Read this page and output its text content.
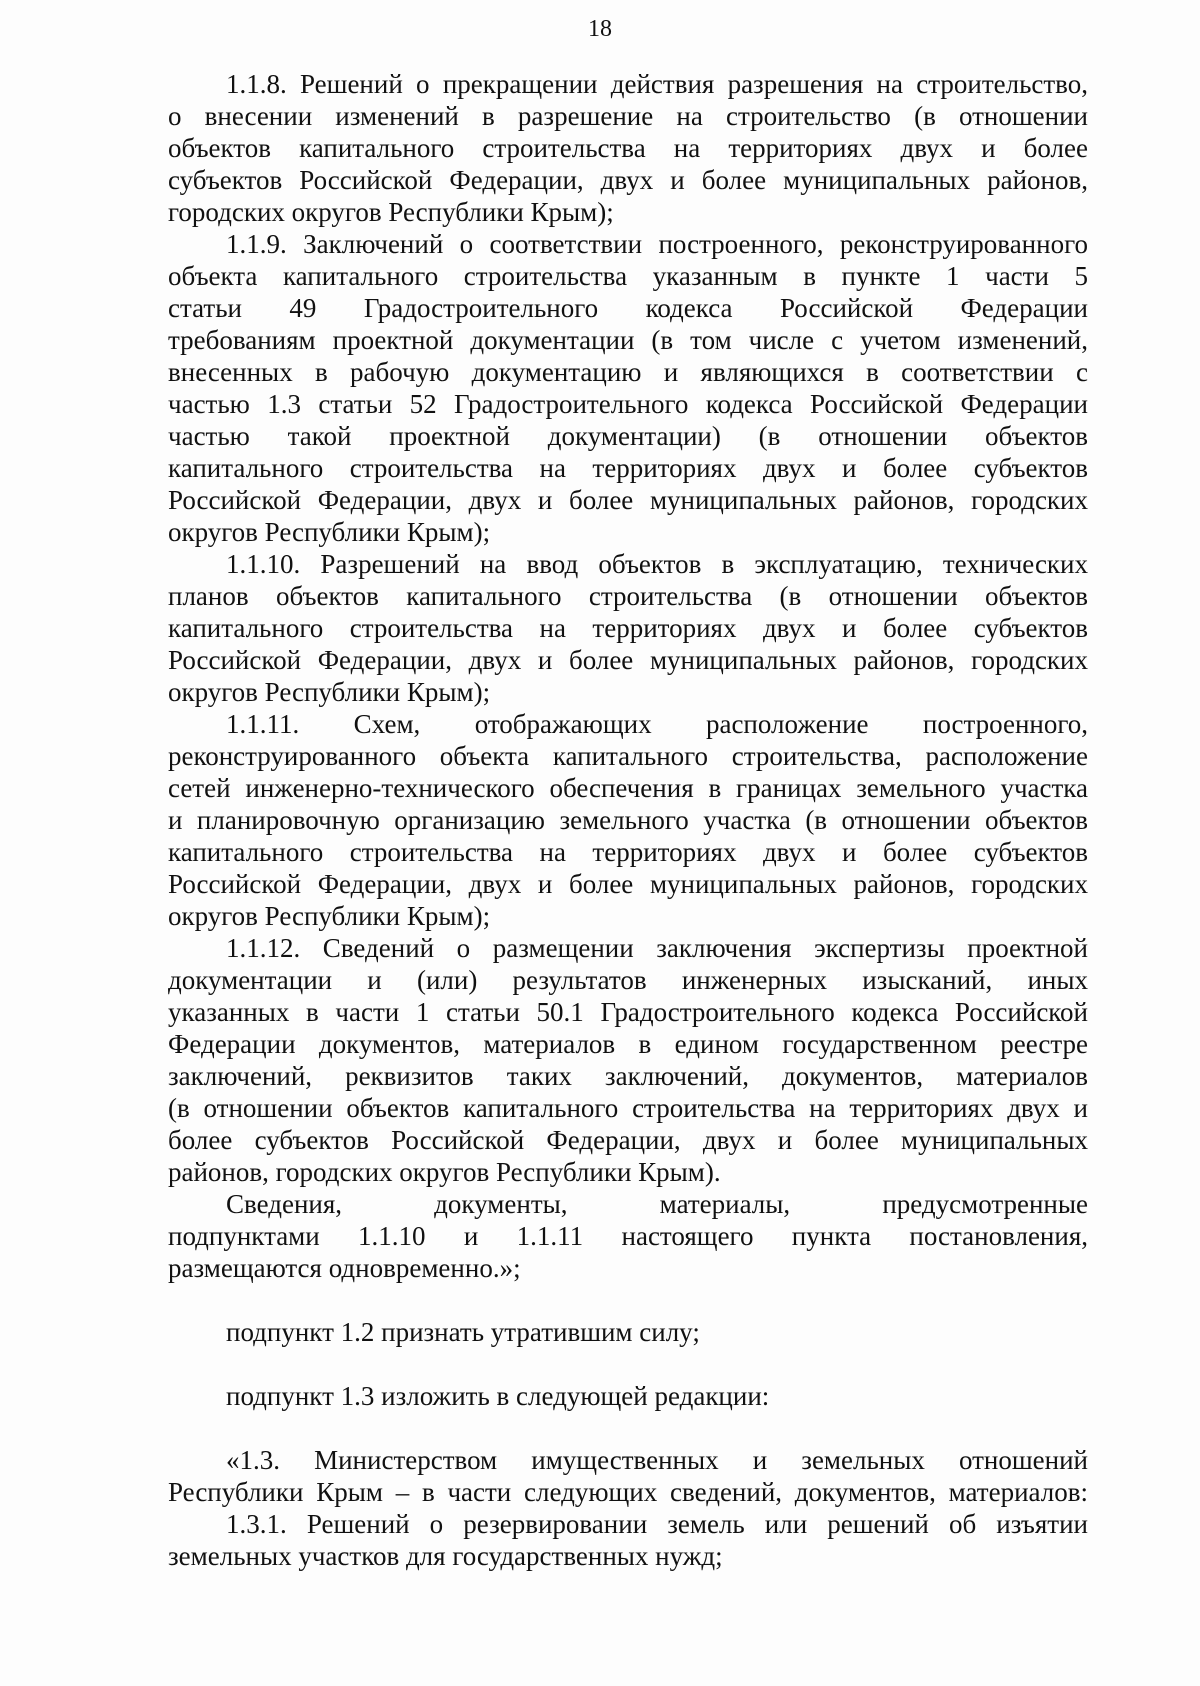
18
1.1.8. Решений о прекращении действия разрешения на строительство,
о внесении изменений в разрешение на строительство (в отношении
объектов капитального строительства на территориях двух и более
субъектов Российской Федерации, двух и более муниципальных районов,
городских округов Республики Крым);
1.1.9. Заключений о соответствии построенного, реконструированного
объекта капитального строительства указанным в пункте 1 части 5
статьи 49 Градостроительного кодекса Российской Федерации
требованиям проектной документации (в том числе с учетом изменений,
внесенных в рабочую документацию и являющихся в соответствии с
частью 1.3 статьи 52 Градостроительного кодекса Российской Федерации
частью такой проектной документации) (в отношении объектов
капитального строительства на территориях двух и более субъектов
Российской Федерации, двух и более муниципальных районов, городских
округов Республики Крым);
1.1.10. Разрешений на ввод объектов в эксплуатацию, технических
планов объектов капитального строительства (в отношении объектов
капитального строительства на территориях двух и более субъектов
Российской Федерации, двух и более муниципальных районов, городских
округов Республики Крым);
1.1.11. Схем, отображающих расположение построенного,
реконструированного объекта капитального строительства, расположение
сетей инженерно-технического обеспечения в границах земельного участка
и планировочную организацию земельного участка (в отношении объектов
капитального строительства на территориях двух и более субъектов
Российской Федерации, двух и более муниципальных районов, городских
округов Республики Крым);
1.1.12. Сведений о размещении заключения экспертизы проектной
документации и (или) результатов инженерных изысканий, иных
указанных в части 1 статьи 50.1 Градостроительного кодекса Российской
Федерации документов, материалов в едином государственном реестре
заключений, реквизитов таких заключений, документов, материалов
(в отношении объектов капитального строительства на территориях двух и
более субъектов Российской Федерации, двух и более муниципальных
районов, городских округов Республики Крым).
Сведения, документы, материалы, предусмотренные
подпунктами 1.1.10 и 1.1.11 настоящего пункта постановления,
размещаются одновременно.»;
подпункт 1.2 признать утратившим силу;
подпункт 1.3 изложить в следующей редакции:
«1.3. Министерством имущественных и земельных отношений
Республики Крым – в части следующих сведений, документов, материалов:
1.3.1. Решений о резервировании земель или решений об изъятии
земельных участков для государственных нужд;
